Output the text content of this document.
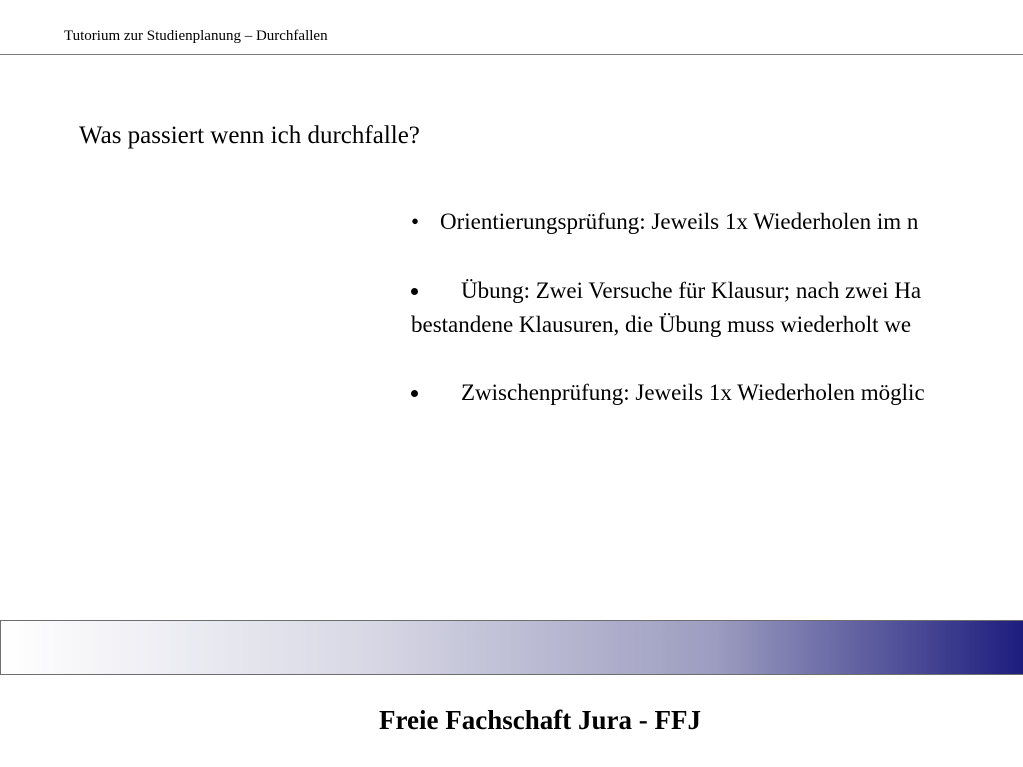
Tutorium zur Studienplanung – Durchfallen
Was passiert wenn ich durchfalle?
• Orientierungsprüfung: Jeweils 1x Wiederholen im n
Übung: Zwei Versuche für Klausur; nach zwei Ha
bestandene Klausuren, die Übung muss wiederholt we
Zwischenprüfung: Jeweils 1x Wiederholen möglic
Freie Fachschaft Jura - FFJ
